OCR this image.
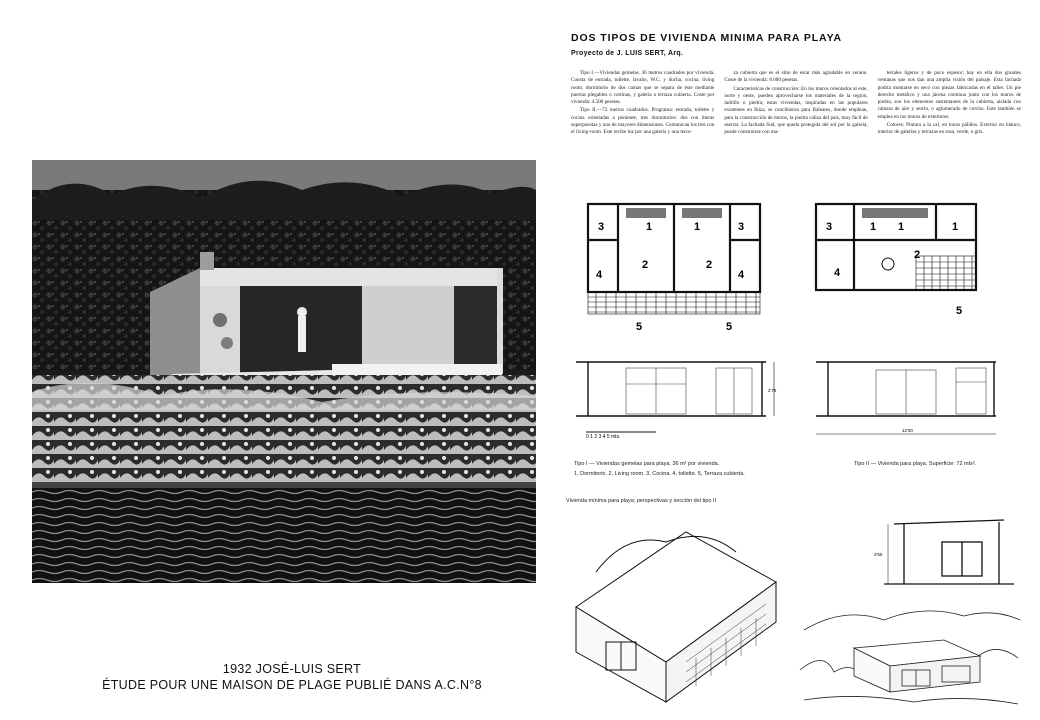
1932 JOSÉ-LUIS SERT
ÉTUDE POUR UNE MAISON DE PLAGE PUBLIÉ DANS A.C.N°8
DOS TIPOS DE VIVIENDA MINIMA PARA PLAYA
Proyecto de J. LUIS SERT, Arq.

Tipo I.—Viviendas gemelas. 36 metros cuadrados por vivienda. Consta de entrada, toilette, lavabo, W.C. y ducha, cocina, living room, dormitorio de dos camas que se separa de éste mediante puertas plegables o cortinas, y galería o terraza cubierta. Coste por vivienda: 4.500 pesetas.

Tipo II.—72 metros cuadrados. Programa: entrada, toilette y cocina orientadas a poniente, tres dormitorios: dos con literas superpuestas y uno de mayores dimensiones. Comunican los tres con el living-room. Este recibe luz por una galería y una terra-

za cubierta que es el sitio de estar más agradable en verano. Coste de la vivienda: 8.000 pesetas.

Características de construcción: En los muros orientados al este, norte y oeste, pueden aprovecharse los materiales de la región, ladrillo o piedra; estas viviendas, inspiradas en las populares existentes en Ibiza, se concibieron para Baleares, donde emplean, para la construcción de muros, la piedra caliza del país, muy fácil de aserrar. La fachada Sud, que queda protegida del sol por la galería, puede construirse con ma-

teriales ligeros y de poco espesor; hay en ella dos grandes ventanas que nos dan una amplia visión del paisaje. Esta fachada podría montarse en seco con piezas fabricadas en el taller. Un pie derecho metálico y una jácena continua junto con los muros de piedra, son los elementos sustentantes de la cubierta, aislada con cámara de aire y serrín, o aglomerado de corcho. Este también se emplea en los muros de exteriores.

Colores: Pintura a la cal, en tonos pálidos. Exterior en blanco, interior de galerías y terrazas en rosa, verde, o gris.

3	1
2
4
1
2
4
3
5	5
3	1 1	1
2
4
5
2'75
0 1 2 3 4 5 mts.
12'00
Tipo I — Viviendas gemelas para playa. 36 m² por vivienda.	Tipo II — Vivienda para playa. Superficie: 72 mts².
1, Dormitorio. 2, Living room. 3, Cocina. 4, toilette. 5, Terraza cubierta.
Vivienda mínima para playa; perspectivas y sección del tipo II
2'50
